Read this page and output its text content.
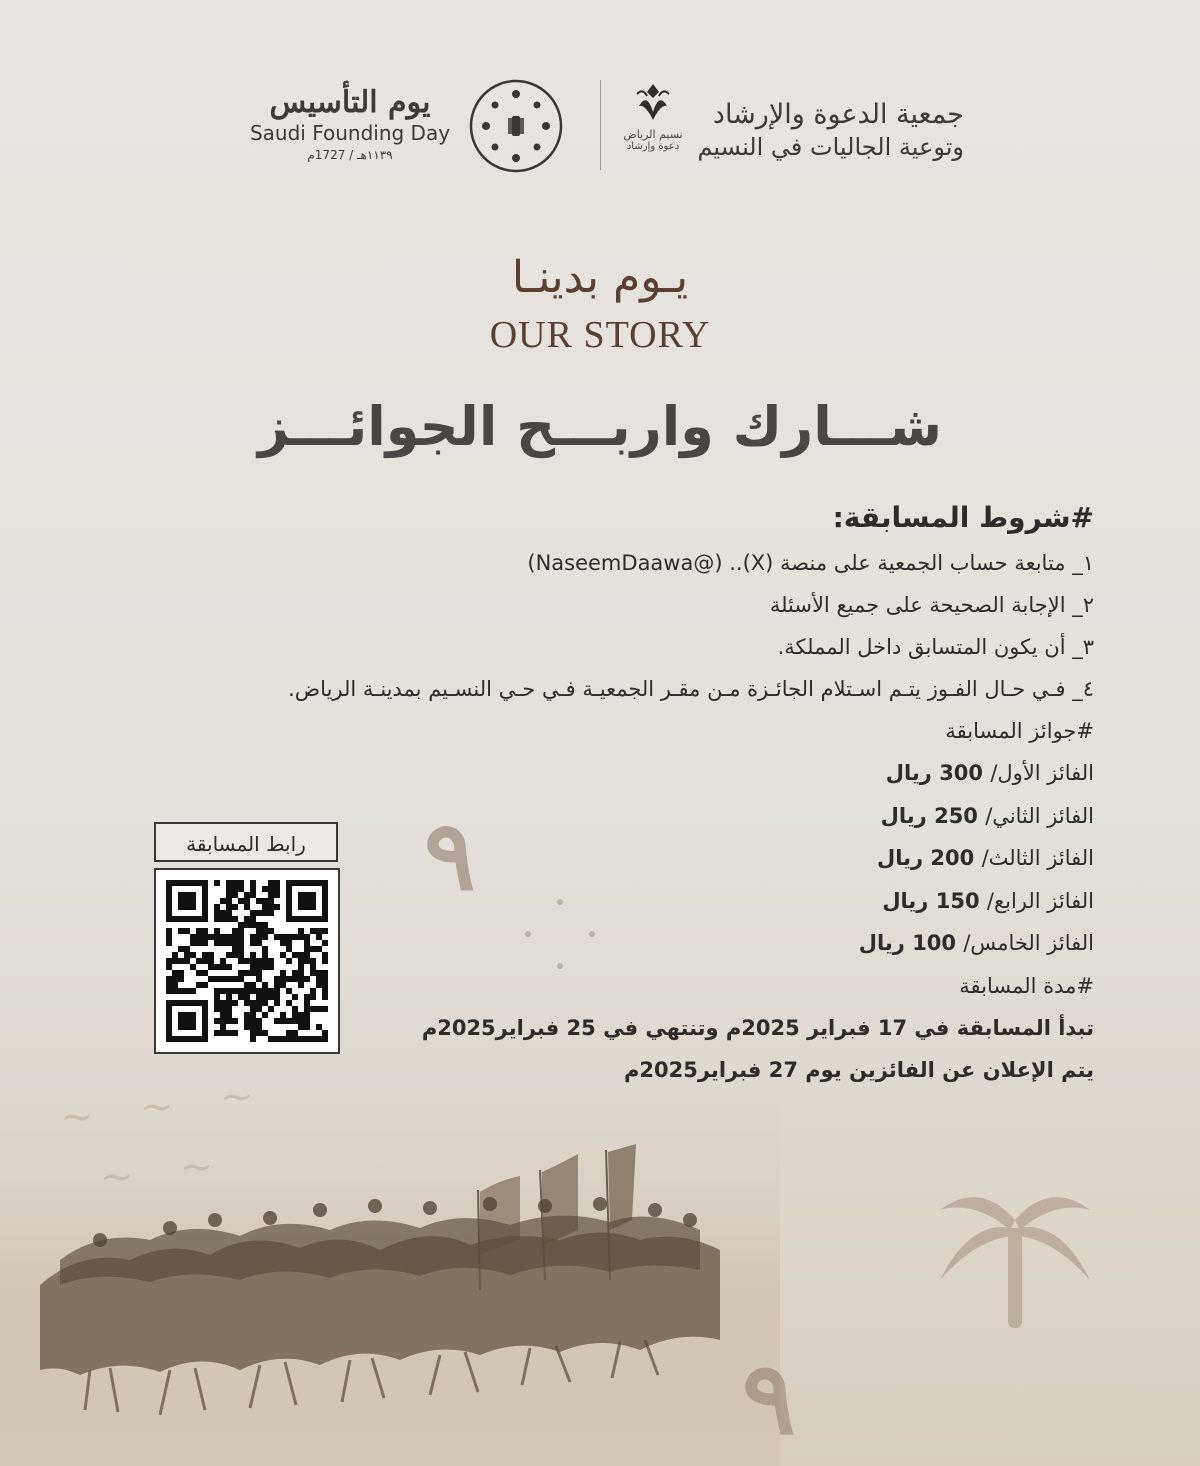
~ ~ ~
~ ~
٩
٩
جمعية الدعوة والإرشاد
وتوعية الجاليات في النسيم
نسيم الرياض
دعوة وإرشاد
يوم التأسيس
Saudi Founding Day
١١٣٩هـ / 1727م
يـوم بدينـا
OUR STORY
شـــارك واربـــح الجوائـــز

#شروط المسابقة:

١_ متابعة حساب الجمعية على منصة (X).. (@NaseemDaawa)

٢_ الإجابة الصحيحة على جميع الأسئلة

٣_ أن يكون المتسابق داخل المملكة.

٤_ فـي حـال الفـوز يتـم اسـتلام الجائـزة مـن مقـر الجمعيـة فـي حـي النسـيم بمدينـة الرياض.

#جوائز المسابقة

الفائز الأول/ 300 ريال

الفائز الثاني/ 250 ريال

الفائز الثالث/ 200 ريال

الفائز الرابع/ 150 ريال

الفائز الخامس/ 100 ريال

#مدة المسابقة

تبدأ المسابقة في 17 فبراير 2025م وتنتهي في 25 فبراير2025م

يتم الإعلان عن الفائزين يوم 27 فبراير2025م

رابط المسابقة
